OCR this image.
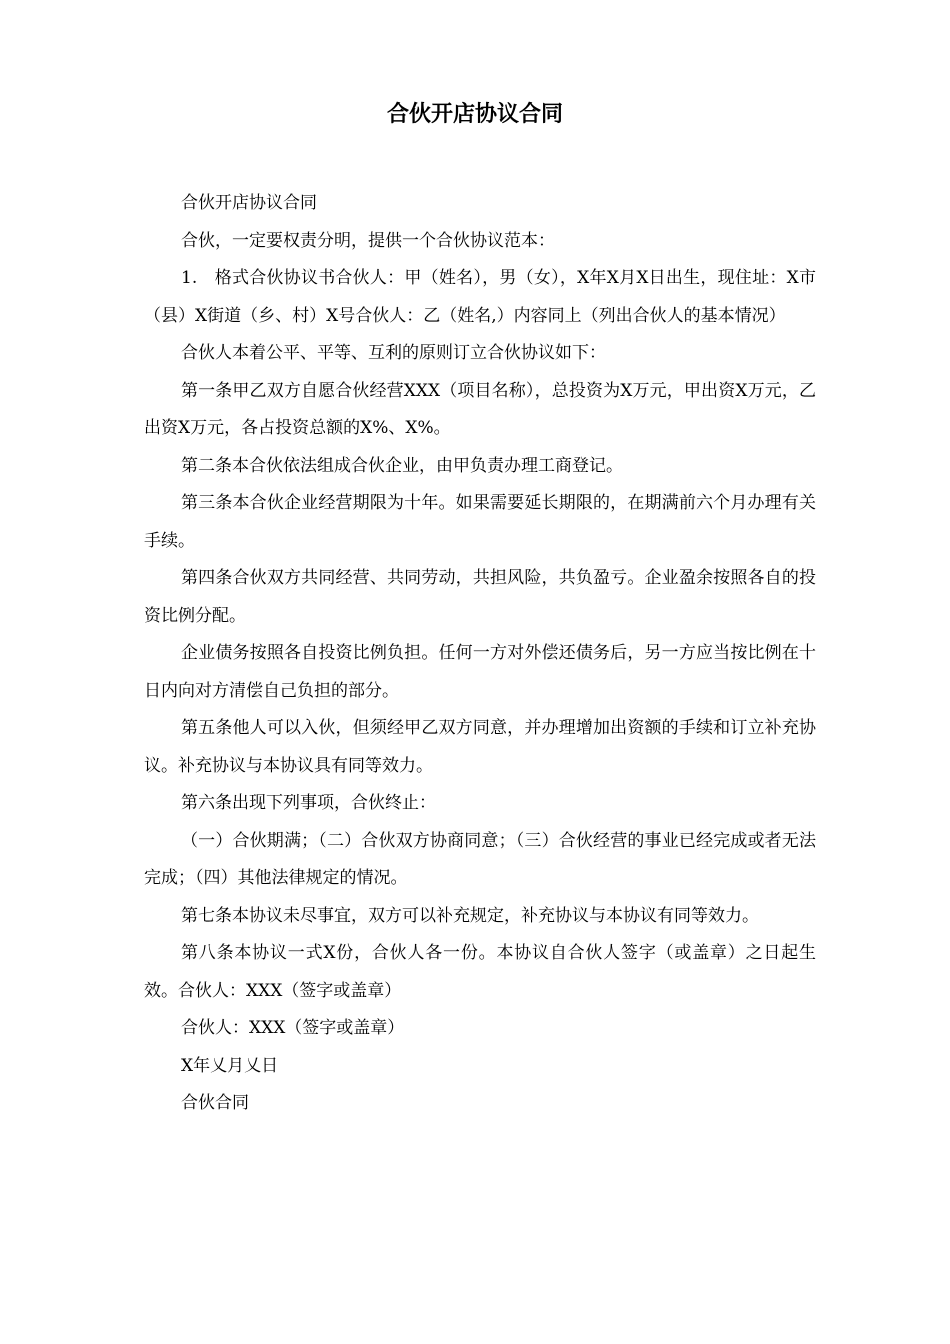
合伙开店协议合同

合伙开店协议合同

合伙，一定要权责分明，提供一个合伙协议范本：

1.　格式合伙协议书合伙人：甲（姓名），男（女），X年X月X日出生，现住址：X市（县）X街道（乡、村）X号合伙人：乙（姓名,）内容同上（列出合伙人的基本情况）

合伙人本着公平、平等、互利的原则订立合伙协议如下：

第一条甲乙双方自愿合伙经营XXX（项目名称），总投资为X万元，甲出资X万元，乙出资X万元，各占投资总额的X%、X%。

第二条本合伙依法组成合伙企业，由甲负责办理工商登记。

第三条本合伙企业经营期限为十年。如果需要延长期限的，在期满前六个月办理有关手续。

第四条合伙双方共同经营、共同劳动，共担风险，共负盈亏。企业盈余按照各自的投资比例分配。

企业债务按照各自投资比例负担。任何一方对外偿还债务后，另一方应当按比例在十日内向对方清偿自己负担的部分。

第五条他人可以入伙，但须经甲乙双方同意，并办理增加出资额的手续和订立补充协议。补充协议与本协议具有同等效力。

第六条出现下列事项，合伙终止：

（一）合伙期满；（二）合伙双方协商同意；（三）合伙经营的事业已经完成或者无法完成；（四）其他法律规定的情况。

第七条本协议未尽事宜，双方可以补充规定，补充协议与本协议有同等效力。

第八条本协议一式X份，合伙人各一份。本协议自合伙人签字（或盖章）之日起生效。合伙人：XXX（签字或盖章）

合伙人：XXX（签字或盖章）

X年乂月乂日

合伙合同
